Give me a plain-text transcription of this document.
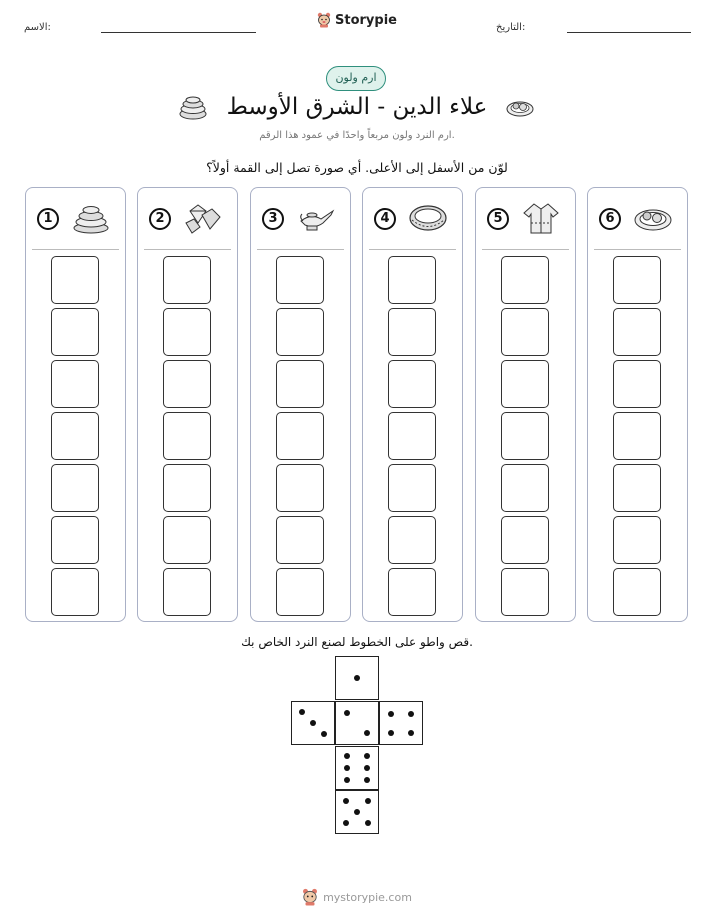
الاسم:	Storypie	التاريخ:
ارم ولون
علاء الدين - الشرق الأوسط
ارم النرد ولون مربعاً واحدًا في عمود هذا الرقم.
لوّن من الأسفل إلى الأعلى. أي صورة تصل إلى القمة أولاً؟
1	2	3	4	5	6
قص واطو على الخطوط لصنع النرد الخاص بك.
mystorypie.com
